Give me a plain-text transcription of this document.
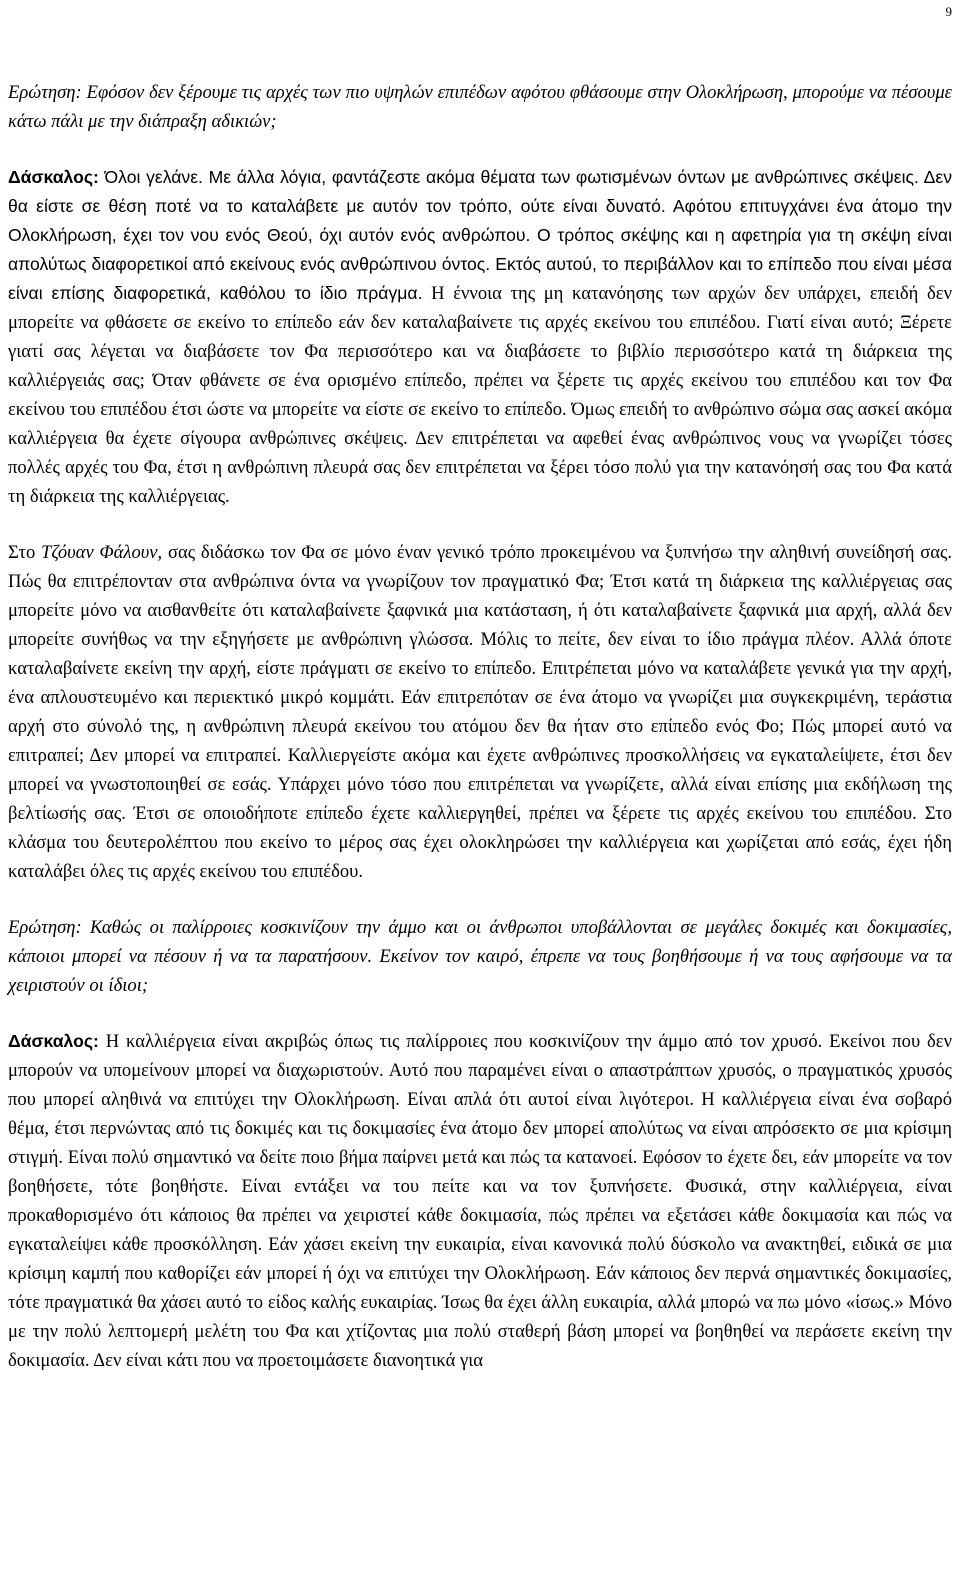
9

Ερώτηση: Εφόσον δεν ξέρουμε τις αρχές των πιο υψηλών επιπέδων αφότου φθάσουμε στην Ολοκλήρωση, μπορούμε να πέσουμε κάτω πάλι με την διάπραξη αδικιών;

Δάσκαλος: Όλοι γελάνε. Με άλλα λόγια, φαντάζεστε ακόμα θέματα των φωτισμένων όντων με ανθρώπινες σκέψεις. Δεν θα είστε σε θέση ποτέ να το καταλάβετε με αυτόν τον τρόπο, ούτε είναι δυνατό. Αφότου επιτυγχάνει ένα άτομο την Ολοκλήρωση, έχει τον νου ενός Θεού, όχι αυτόν ενός ανθρώπου. Ο τρόπος σκέψης και η αφετηρία για τη σκέψη είναι απολύτως διαφορετικοί από εκείνους ενός ανθρώπινου όντος. Εκτός αυτού, το περιβάλλον και το επίπεδο που είναι μέσα είναι επίσης διαφορετικά, καθόλου το ίδιο πράγμα. Η έννοια της μη κατανόησης των αρχών δεν υπάρχει, επειδή δεν μπορείτε να φθάσετε σε εκείνο το επίπεδο εάν δεν καταλαβαίνετε τις αρχές εκείνου του επιπέδου. Γιατί είναι αυτό; Ξέρετε γιατί σας λέγεται να διαβάσετε τον Φα περισσότερο και να διαβάσετε το βιβλίο περισσότερο κατά τη διάρκεια της καλλιέργειάς σας; Όταν φθάνετε σε ένα ορισμένο επίπεδο, πρέπει να ξέρετε τις αρχές εκείνου του επιπέδου και τον Φα εκείνου του επιπέδου έτσι ώστε να μπορείτε να είστε σε εκείνο το επίπεδο. Όμως επειδή το ανθρώπινο σώμα σας ασκεί ακόμα καλλιέργεια θα έχετε σίγουρα ανθρώπινες σκέψεις. Δεν επιτρέπεται να αφεθεί ένας ανθρώπινος νους να γνωρίζει τόσες πολλές αρχές του Φα, έτσι η ανθρώπινη πλευρά σας δεν επιτρέπεται να ξέρει τόσο πολύ για την κατανόησή σας του Φα κατά τη διάρκεια της καλλιέργειας.

Στο Τζόυαν Φάλουν, σας διδάσκω τον Φα σε μόνο έναν γενικό τρόπο προκειμένου να ξυπνήσω την αληθινή συνείδησή σας. Πώς θα επιτρέπονταν στα ανθρώπινα όντα να γνωρίζουν τον πραγματικό Φα; Έτσι κατά τη διάρκεια της καλλιέργειας σας μπορείτε μόνο να αισθανθείτε ότι καταλαβαίνετε ξαφνικά μια κατάσταση, ή ότι καταλαβαίνετε ξαφνικά μια αρχή, αλλά δεν μπορείτε συνήθως να την εξηγήσετε με ανθρώπινη γλώσσα. Μόλις το πείτε, δεν είναι το ίδιο πράγμα πλέον. Αλλά όποτε καταλαβαίνετε εκείνη την αρχή, είστε πράγματι σε εκείνο το επίπεδο. Επιτρέπεται μόνο να καταλάβετε γενικά για την αρχή, ένα απλουστευμένο και περιεκτικό μικρό κομμάτι. Εάν επιτρεπόταν σε ένα άτομο να γνωρίζει μια συγκεκριμένη, τεράστια αρχή στο σύνολό της, η ανθρώπινη πλευρά εκείνου του ατόμου δεν θα ήταν στο επίπεδο ενός Φο; Πώς μπορεί αυτό να επιτραπεί; Δεν μπορεί να επιτραπεί. Καλλιεργείστε ακόμα και έχετε ανθρώπινες προσκολλήσεις να εγκαταλείψετε, έτσι δεν μπορεί να γνωστοποιηθεί σε εσάς. Υπάρχει μόνο τόσο που επιτρέπεται να γνωρίζετε, αλλά είναι επίσης μια εκδήλωση της βελτίωσής σας. Έτσι σε οποιοδήποτε επίπεδο έχετε καλλιεργηθεί, πρέπει να ξέρετε τις αρχές εκείνου του επιπέδου. Στο κλάσμα του δευτερολέπτου που εκείνο το μέρος σας έχει ολοκληρώσει την καλλιέργεια και χωρίζεται από εσάς, έχει ήδη καταλάβει όλες τις αρχές εκείνου του επιπέδου.

Ερώτηση: Καθώς οι παλίρροιες κοσκινίζουν την άμμο και οι άνθρωποι υποβάλλονται σε μεγάλες δοκιμές και δοκιμασίες, κάποιοι μπορεί να πέσουν ή να τα παρατήσουν. Εκείνον τον καιρό, έπρεπε να τους βοηθήσουμε ή να τους αφήσουμε να τα χειριστούν οι ίδιοι;

Δάσκαλος: Η καλλιέργεια είναι ακριβώς όπως τις παλίρροιες που κοσκινίζουν την άμμο από τον χρυσό. Εκείνοι που δεν μπορούν να υπομείνουν μπορεί να διαχωριστούν. Αυτό που παραμένει είναι ο απαστράπτων χρυσός, ο πραγματικός χρυσός που μπορεί αληθινά να επιτύχει την Ολοκλήρωση. Είναι απλά ότι αυτοί είναι λιγότεροι. Η καλλιέργεια είναι ένα σοβαρό θέμα, έτσι περνώντας από τις δοκιμές και τις δοκιμασίες ένα άτομο δεν μπορεί απολύτως να είναι απρόσεκτο σε μια κρίσιμη στιγμή. Είναι πολύ σημαντικό να δείτε ποιο βήμα παίρνει μετά και πώς τα κατανοεί. Εφόσον το έχετε δει, εάν μπορείτε να τον βοηθήσετε, τότε βοηθήστε. Είναι εντάξει να του πείτε και να τον ξυπνήσετε. Φυσικά, στην καλλιέργεια, είναι προκαθορισμένο ότι κάποιος θα πρέπει να χειριστεί κάθε δοκιμασία, πώς πρέπει να εξετάσει κάθε δοκιμασία και πώς να εγκαταλείψει κάθε προσκόλληση. Εάν χάσει εκείνη την ευκαιρία, είναι κανονικά πολύ δύσκολο να ανακτηθεί, ειδικά σε μια κρίσιμη καμπή που καθορίζει εάν μπορεί ή όχι να επιτύχει την Ολοκλήρωση. Εάν κάποιος δεν περνά σημαντικές δοκιμασίες, τότε πραγματικά θα χάσει αυτό το είδος καλής ευκαιρίας. Ίσως θα έχει άλλη ευκαιρία, αλλά μπορώ να πω μόνο «ίσως.» Μόνο με την πολύ λεπτομερή μελέτη του Φα και χτίζοντας μια πολύ σταθερή βάση μπορεί να βοηθηθεί να περάσετε εκείνη την δοκιμασία. Δεν είναι κάτι που να προετοιμάσετε διανοητικά για
